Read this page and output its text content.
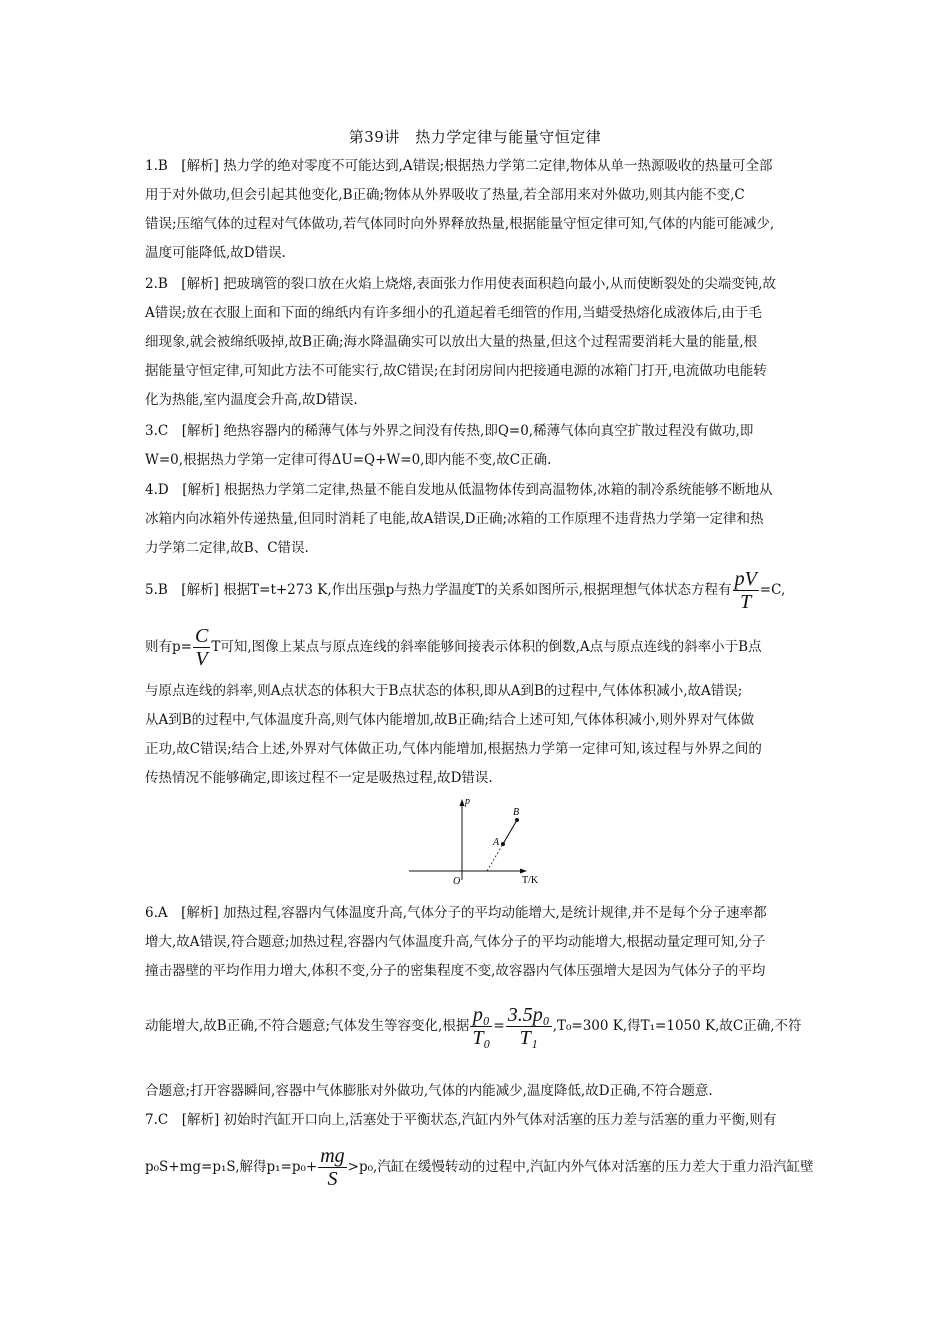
第39讲　热力学定律与能量守恒定律
1.B　[解析] 热力学的绝对零度不可能达到,A错误;根据热力学第二定律,物体从单一热源吸收的热量可全部
用于对外做功,但会引起其他变化,B正确;物体从外界吸收了热量,若全部用来对外做功,则其内能不变,C
错误;压缩气体的过程对气体做功,若气体同时向外界释放热量,根据能量守恒定律可知,气体的内能可能减少,
温度可能降低,故D错误.
2.B　[解析] 把玻璃管的裂口放在火焰上烧熔,表面张力作用使表面积趋向最小,从而使断裂处的尖端变钝,故
A错误;放在衣服上面和下面的绵纸内有许多细小的孔道起着毛细管的作用,当蜡受热熔化成液体后,由于毛
细现象,就会被绵纸吸掉,故B正确;海水降温确实可以放出大量的热量,但这个过程需要消耗大量的能量,根
据能量守恒定律,可知此方法不可能实行,故C错误;在封闭房间内把接通电源的冰箱门打开,电流做功电能转
化为热能,室内温度会升高,故D错误.
3.C　[解析] 绝热容器内的稀薄气体与外界之间没有传热,即Q=0,稀薄气体向真空扩散过程没有做功,即
W=0,根据热力学第一定律可得ΔU=Q+W=0,即内能不变,故C正确.
4.D　[解析] 根据热力学第二定律,热量不能自发地从低温物体传到高温物体,冰箱的制冷系统能够不断地从
冰箱内向冰箱外传递热量,但同时消耗了电能,故A错误,D正确;冰箱的工作原理不违背热力学第一定律和热
力学第二定律,故B、C错误.
5.B　[解析] 根据T=t+273 K,作出压强p与热力学温度T的关系如图所示,根据理想气体状态方程有 $\frac{pV}{T} =C$,
则有$p= \frac{C}{V}$ T可知,图像上某点与原点连线的斜率能够间接表示体积的倒数,A点与原点连线的斜率小于B点
与原点连线的斜率,则A点状态的体积大于B点状态的体积,即从A到B的过程中,气体体积减小,故A错误;
从A到B的过程中,气体温度升高,则气体内能增加,故B正确;结合上述可知,气体体积减小,则外界对气体做
正功,故C错误;结合上述,外界对气体做正功,气体内能增加,根据热力学第一定律可知,该过程与外界之间的
传热情况不能够确定,即该过程不一定是吸热过程,故D错误.
p
T/K
O
A
B
6.A　[解析] 加热过程,容器内气体温度升高,气体分子的平均动能增大,是统计规律,并不是每个分子速率都
增大,故A错误,符合题意;加热过程,容器内气体温度升高,气体分子的平均动能增大,根据动量定理可知,分子
撞击器壁的平均作用力增大,体积不变,分子的密集程度不变,故容器内气体压强增大是因为气体分子的平均
动能增大,故B正确,不符合题意;气体发生等容变化,根据 $\frac{\text{p₀}}{\text{T₀}} = \frac{\text{3.5p₀}}{\text{T₁}} ,T_0=300$ K,得T₁=1050 K,故C正确,不符
合题意;打开容器瞬间,容器中气体膨胀对外做功,气体的内能减少,温度降低,故D正确,不符合题意.
7.C　[解析] 初始时汽缸开口向上,活塞处于平衡状态,汽缸内外气体对活塞的压力差与活塞的重力平衡,则有
p₀S+mg=p₁S,解得$p_1=p_0+ \frac{mg}{S} >p_0$,汽缸在缓慢转动的过程中,汽缸内外气体对活塞的压力差大于重力沿汽缸壁
